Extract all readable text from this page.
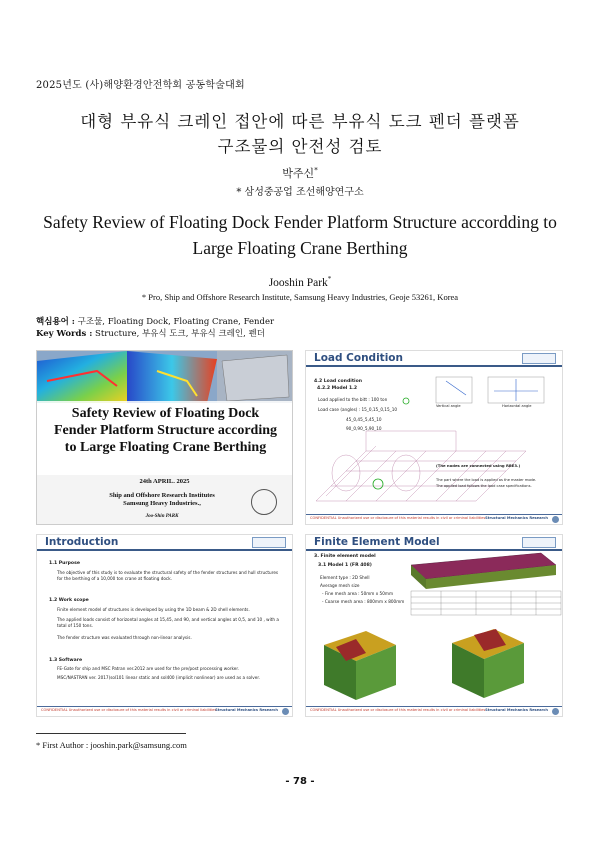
2025년도 (사)해양환경안전학회 공동학술대회
대형 부유식 크레인 접안에 따른 부유식 도크 펜더 플랫폼
구조물의 안전성 검토
박주신*
* 삼성중공업 조선해양연구소
Safety Review of Floating Dock Fender Platform Structure accordding to
Large Floating Crane Berthing
Jooshin Park*
* Pro, Ship and Offshore Research Institute, Samsung Heavy Industries, Geoje 53261, Korea
핵심용어 : 구조물, Floating Dock, Floating Crane, Fender
Key Words : Structure, 부유식 도크, 부유식 크레인, 펜더
Safety Review of Floating Dock Fender Platform Structure according to Large Floating Crane Berthing
24th APRIL. 2025
Ship and Offshore Research Institutes
Samsung Heavy Industries.,
Joo-Shin PARK
Load Condition
4.2 Load condition
4.2.2 Model 1.2
Load applied to the bitt : 100 ton
Load case (angles) : 15_0,15_0,15_10
45_0,45_5,45_10
90_0,90_5,90_10
Vertical angle	Horizontal angle
(The nodes are connected using RBE3.)
The part where the load is applied as the master mode.
The applied load follows the load case specifications.
CONFIDENTIAL Unauthorized use or disclosure of this material results in civil or criminal liabilities.
Structural Mechanics Research
Introduction
1.1 Purpose
The objective of this study is to evaluate the structural safety of the fender structures and hull structures for the berthing of a 10,000 ton crane at floating dock.
1.2 Work scope
Finite element model of structures is developed by using the 1D beam & 2D shell elements.
The applied loads consist of horizontal angles at 15,45, and 90, and vertical angles at 0,5, and 10 , with a total of 150 tons.
The fender structure was evaluated through non-linear analysis.
1.3 Software
FE-Gate for ship and MSC Patran ver.2012 are used for the pre/post processing worker.
MSC/NASTRAN ver. 2017(sol101 linear static and sol400 (implicit nonlinear) are used as a solver.
CONFIDENTIAL Unauthorized use or disclosure of this material results in civil or criminal liabilities.
Structural Mechanics Research
Finite Element Model
3. Finite element model
3.1 Model 1 (FR 408)
Element type : 2D Shell
Average mesh size
- Fine mesh area : 50mm x 50mm
- Coarse mesh area : 800mm x 800mm
CONFIDENTIAL Unauthorized use or disclosure of this material results in civil or criminal liabilities.
Structural Mechanics Research
* First Author : jooshin.park@samsung.com
- 78 -
